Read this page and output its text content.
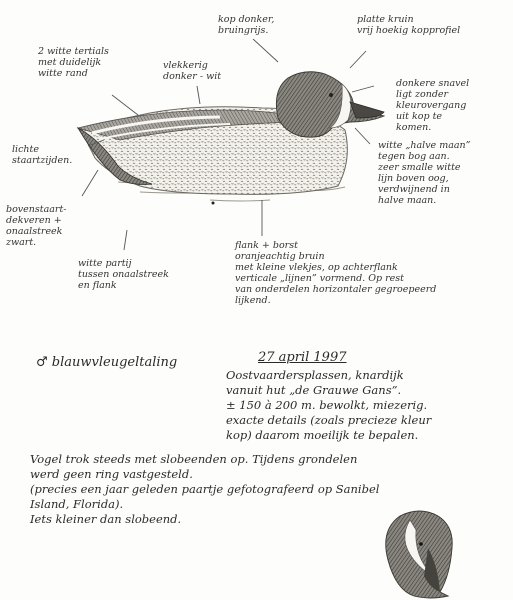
kop donker,
bruingrijs.
platte kruin
vrij hoekig kopprofiel
2 witte tertials
met duidelijk
witte rand
vlekkerig
donker - wit
donkere snavel
ligt zonder
kleurovergang
uit kop te
komen.
lichte
staartzijden.
witte „halve maan”
tegen bog aan.
zeer smalle witte
lijn boven oog,
verdwijnend in
halve maan.
bovenstaart-
dekveren +
onaalstreek
zwart.
witte partij
tussen onaalstreek
en flank
flank + borst
oranjeachtig bruin
met kleine vlekjes, op achterflank
verticale „lijnen” vormend. Op rest
van onderdelen horizontaler gegroepeerd
lijkend.
♂ blauwvleugeltaling	27 april 1997
Oostvaardersplassen, knardijk
vanuit hut „de Grauwe Gans”.
± 150 à 200 m. bewolkt, miezerig.
exacte details (zoals precieze kleur
kop) daarom moeilijk te bepalen.
Vogel trok steeds met slobeenden op. Tijdens grondelen
werd geen ring vastgesteld.
(precies een jaar geleden paartje gefotografeerd op Sanibel
Island, Florida).
Iets kleiner dan slobeend.
